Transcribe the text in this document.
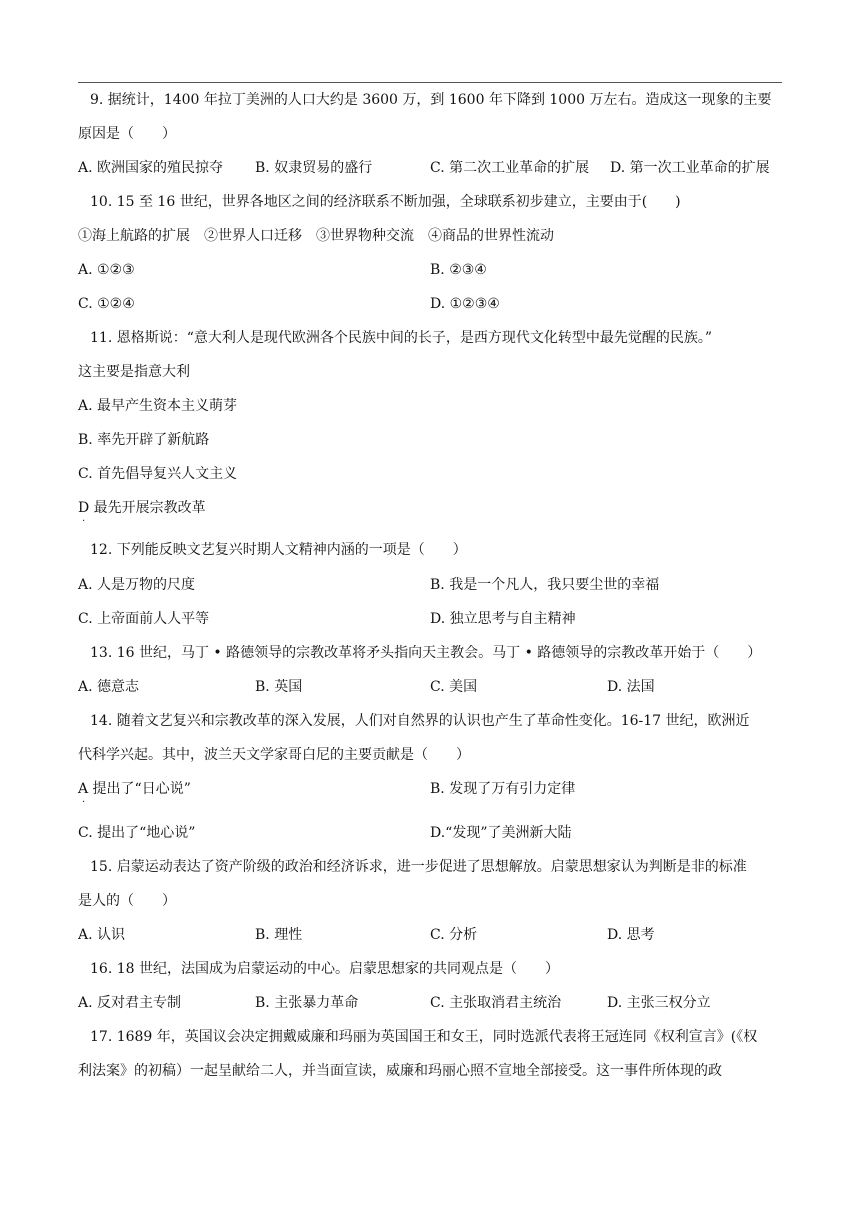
9. 据统计，1400 年拉丁美洲的人口大约是 3600 万，到 1600 年下降到 1000 万左右。造成这一现象的主要
原因是（　　）
A. 欧洲国家的殖民掠夺 B. 奴隶贸易的盛行	C. 第二次工业革命的扩展 D. 第一次工业革命的扩展
10. 15 至 16 世纪，世界各地区之间的经济联系不断加强，全球联系初步建立，主要由于(　　)
①海上航路的扩展　②世界人口迁移　③世界物种交流　④商品的世界性流动
A. ①②③	B. ②③④
C. ①②④	D. ①②③④
11. 恩格斯说：“意大利人是现代欧洲各个民族中间的长子，是西方现代文化转型中最先觉醒的民族。”
这主要是指意大利
A. 最早产生资本主义萌芽
B. 率先开辟了新航路
C. 首先倡导复兴人文主义
D 最先开展宗教改革
.
12. 下列能反映文艺复兴时期人文精神内涵的一项是（　　）
A. 人是万物的尺度	B. 我是一个凡人，我只要尘世的幸福
C. 上帝面前人人平等	D. 独立思考与自主精神
13. 16 世纪，马丁 • 路德领导的宗教改革将矛头指向天主教会。马丁 • 路德领导的宗教改革开始于（　　）
A. 德意志	B. 英国	C. 美国	D. 法国
14. 随着文艺复兴和宗教改革的深入发展，人们对自然界的认识也产生了革命性变化。16-17 世纪，欧洲近
代科学兴起。其中，波兰天文学家哥白尼的主要贡献是（　　）
A 提出了“日心说”	B. 发现了万有引力定律
.
C. 提出了“地心说”	D.“发现”了美洲新大陆
15. 启蒙运动表达了资产阶级的政治和经济诉求，进一步促进了思想解放。启蒙思想家认为判断是非的标准
是人的（　　）
A. 认识	B. 理性	C. 分析	D. 思考
16. 18 世纪，法国成为启蒙运动的中心。启蒙思想家的共同观点是（　　）
A. 反对君主专制	B. 主张暴力革命	C. 主张取消君主统治	D. 主张三权分立
17. 1689 年，英国议会决定拥戴威廉和玛丽为英国国王和女王，同时选派代表将王冠连同《权利宣言》(《权
利法案》的初稿）一起呈献给二人，并当面宣读，威廉和玛丽心照不宣地全部接受。这一事件所体现的政
